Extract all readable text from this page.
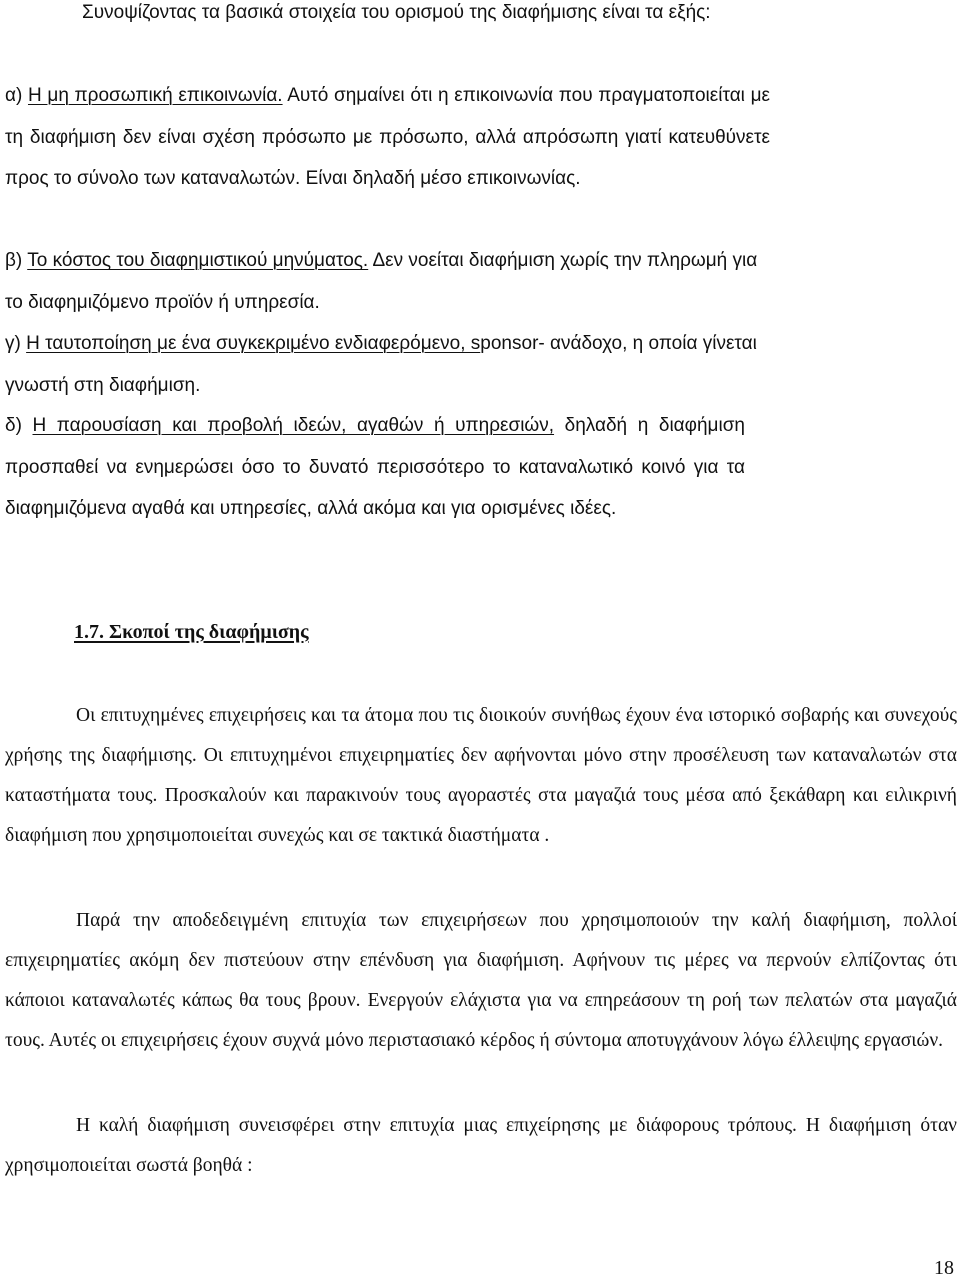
Συνοψίζοντας τα βασικά στοιχεία του ορισμού της διαφήμισης είναι τα εξής:
α) Η μη προσωπική επικοινωνία. Αυτό σημαίνει ότι η επικοινωνία που πραγματοποιείται με τη διαφήμιση δεν είναι σχέση πρόσωπο με πρόσωπο, αλλά απρόσωπη γιατί κατευθύνετε προς το σύνολο των καταναλωτών. Είναι δηλαδή μέσο επικοινωνίας.
β) Το κόστος του διαφημιστικού μηνύματος. Δεν νοείται διαφήμιση χωρίς την πληρωμή για το διαφημιζόμενο προϊόν ή υπηρεσία.
γ) Η ταυτοποίηση με ένα συγκεκριμένο ενδιαφερόμενο, sponsor- ανάδοχο, η οποία γίνεται γνωστή στη διαφήμιση.
δ) Η παρουσίαση και προβολή ιδεών, αγαθών ή υπηρεσιών, δηλαδή η διαφήμιση προσπαθεί να ενημερώσει όσο το δυνατό περισσότερο το καταναλωτικό κοινό για τα διαφημιζόμενα αγαθά και υπηρεσίες, αλλά ακόμα και για ορισμένες ιδέες.
1.7. Σκοποί της διαφήμισης
Οι επιτυχημένες επιχειρήσεις και τα άτομα που τις διοικούν συνήθως έχουν ένα ιστορικό σοβαρής και συνεχούς χρήσης της διαφήμισης. Οι επιτυχημένοι επιχειρηματίες δεν αφήνονται μόνο στην προσέλευση των καταναλωτών στα καταστήματα τους. Προσκαλούν και παρακινούν τους αγοραστές στα μαγαζιά τους μέσα από ξεκάθαρη και ειλικρινή διαφήμιση που χρησιμοποιείται συνεχώς και σε τακτικά διαστήματα .
Παρά την αποδεδειγμένη επιτυχία των επιχειρήσεων που χρησιμοποιούν την καλή διαφήμιση, πολλοί επιχειρηματίες ακόμη δεν πιστεύουν στην επένδυση για διαφήμιση. Αφήνουν τις μέρες να περνούν ελπίζοντας ότι κάποιοι καταναλωτές κάπως θα τους βρουν. Ενεργούν ελάχιστα για να επηρεάσουν τη ροή των πελατών στα μαγαζιά τους. Αυτές οι επιχειρήσεις έχουν συχνά μόνο περιστασιακό κέρδος ή σύντομα αποτυγχάνουν λόγω έλλειψης εργασιών.
Η καλή διαφήμιση συνεισφέρει στην επιτυχία μιας επιχείρησης με διάφορους τρόπους. Η διαφήμιση όταν χρησιμοποιείται σωστά βοηθά :
18
